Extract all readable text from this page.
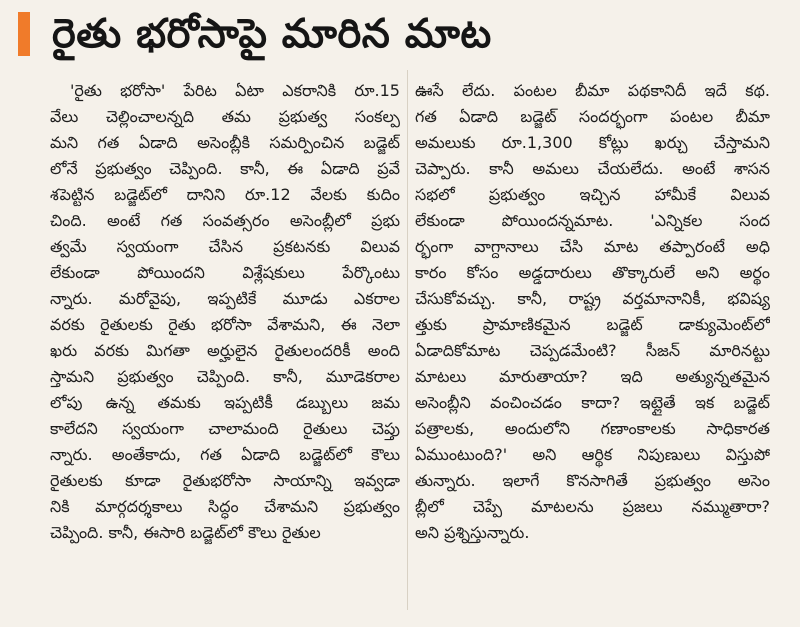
రైతు భరోసాపై మారిన మాట
'రైతు భరోసా' పేరిట ఏటా ఎకరానికి రూ.15
వేలు చెల్లించాలన్నది తమ ప్రభుత్వ సంకల్ప
మని గత ఏడాది అసెంబ్లీకి సమర్పించిన బడ్జెట్
లోనే ప్రభుత్వం చెప్పింది. కానీ, ఈ ఏడాది ప్రవే
శపెట్టిన బడ్జెట్‌లో దానిని రూ.12 వేలకు కుదిం
చింది. అంటే గత సంవత్సరం అసెంబ్లీలో ప్రభు
త్వమే స్వయంగా చేసిన ప్రకటనకు విలువ
లేకుండా పోయిందని విశ్లేషకులు పేర్కొంటు
న్నారు. మరోవైపు, ఇప్పటికే మూడు ఎకరాల
వరకు రైతులకు రైతు భరోసా వేశామని, ఈ నెలా
ఖరు వరకు మిగతా అర్హులైన రైతులందరికీ అంది
స్తామని ప్రభుత్వం చెప్పింది. కానీ, మూడెకరాల
లోపు ఉన్న తమకు ఇప్పటికీ డబ్బులు జమ
కాలేదని స్వయంగా చాలామంది రైతులు చెప్తు
న్నారు. అంతేకాదు, గత ఏడాది బడ్జెట్‌లో కౌలు
రైతులకు కూడా రైతుభరోసా సాయాన్ని ఇవ్వడా
నికి మార్గదర్శకాలు సిద్ధం చేశామని ప్రభుత్వం
చెప్పింది. కానీ, ఈసారి బడ్జెట్‌లో కౌలు రైతుల
ఊసే లేదు. పంటల బీమా పథకానిదీ ఇదే కథ.
గత ఏడాది బడ్జెట్ సందర్భంగా పంటల బీమా
అమలుకు రూ.1,300 కోట్లు ఖర్చు చేస్తామని
చెప్పారు. కానీ అమలు చేయలేదు. అంటే శాసన
సభలో ప్రభుత్వం ఇచ్చిన హామీకే విలువ
లేకుండా పోయిందన్నమాట. 'ఎన్నికల సంద
ర్భంగా వాగ్దానాలు చేసి మాట తప్పారంటే అధి
కారం కోసం అడ్డదారులు తొక్కారులే అని అర్థం
చేసుకోవచ్చు. కానీ, రాష్ట్ర వర్తమానానికీ, భవిష్య
త్తుకు ప్రామాణికమైన బడ్జెట్ డాక్యుమెంట్‌లో
ఏడాదికోమాట చెప్పడమేంటి? సీజన్ మారినట్టు
మాటలు మారుతాయా? ఇది అత్యున్నతమైన
అసెంబ్లీని వంచించడం కాదా? ఇట్లైతే ఇక బడ్జెట్
పత్రాలకు, అందులోని గణాంకాలకు సాధికారత
ఏముంటుంది?' అని ఆర్థిక నిపుణులు విస్తుపో
తున్నారు. ఇలాగే కొనసాగితే ప్రభుత్వం అసెం
బ్లీలో చెప్పే మాటలను ప్రజలు నమ్ముతారా?
అని ప్రశ్నిస్తున్నారు.
